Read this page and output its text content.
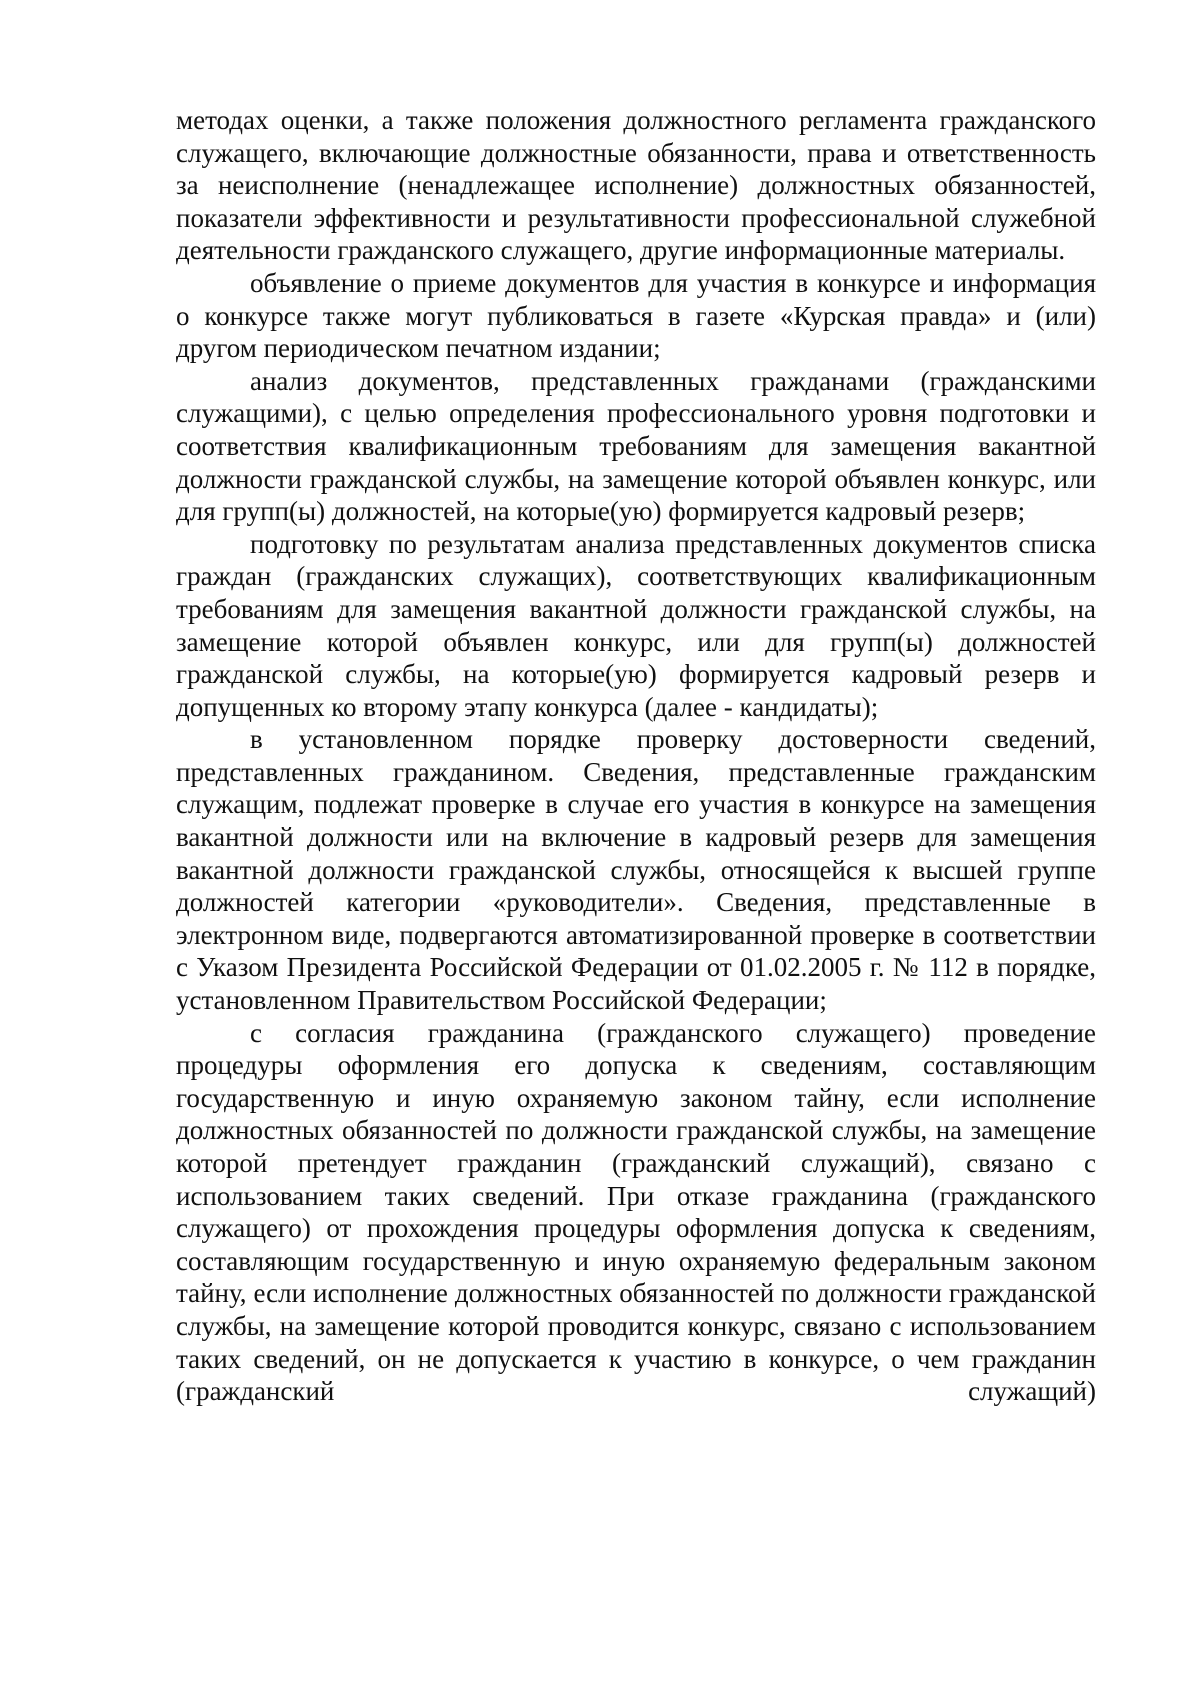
методах оценки, а также положения должностного регламента гражданского служащего, включающие должностные обязанности, права и ответственность за неисполнение (ненадлежащее исполнение) должностных обязанностей, показатели эффективности и результативности профессиональной служебной деятельности гражданского служащего, другие информационные материалы.

объявление о приеме документов для участия в конкурсе и информация о конкурсе также могут публиковаться в газете «Курская правда» и (или) другом периодическом печатном издании;

анализ документов, представленных гражданами (гражданскими служащими), с целью определения профессионального уровня подготовки и соответствия квалификационным требованиям для замещения вакантной должности гражданской службы, на замещение которой объявлен конкурс, или для групп(ы) должностей, на которые(ую) формируется кадровый резерв;

подготовку по результатам анализа представленных документов списка граждан (гражданских служащих), соответствующих квалификационным требованиям для замещения вакантной должности гражданской службы, на замещение которой объявлен конкурс, или для групп(ы) должностей гражданской службы, на которые(ую) формируется кадровый резерв и допущенных ко второму этапу конкурса (далее - кандидаты);

в установленном порядке проверку достоверности сведений, представленных гражданином. Сведения, представленные гражданским служащим, подлежат проверке в случае его участия в конкурсе на замещения вакантной должности или на включение в кадровый резерв для замещения вакантной должности гражданской службы, относящейся к высшей группе должностей категории «руководители». Сведения, представленные в электронном виде, подвергаются автоматизированной проверке в соответствии с Указом Президента Российской Федерации от 01.02.2005 г. № 112 в порядке, установленном Правительством Российской Федерации;

с согласия гражданина (гражданского служащего) проведение процедуры оформления его допуска к сведениям, составляющим государственную и иную охраняемую законом тайну, если исполнение должностных обязанностей по должности гражданской службы, на замещение которой претендует гражданин (гражданский служащий), связано с использованием таких сведений. При отказе гражданина (гражданского служащего) от прохождения процедуры оформления допуска к сведениям, составляющим государственную и иную охраняемую федеральным законом тайну, если исполнение должностных обязанностей по должности гражданской службы, на замещение которой проводится конкурс, связано с использованием таких сведений, он не допускается к участию в конкурсе, о чем гражданин (гражданский служащий)
